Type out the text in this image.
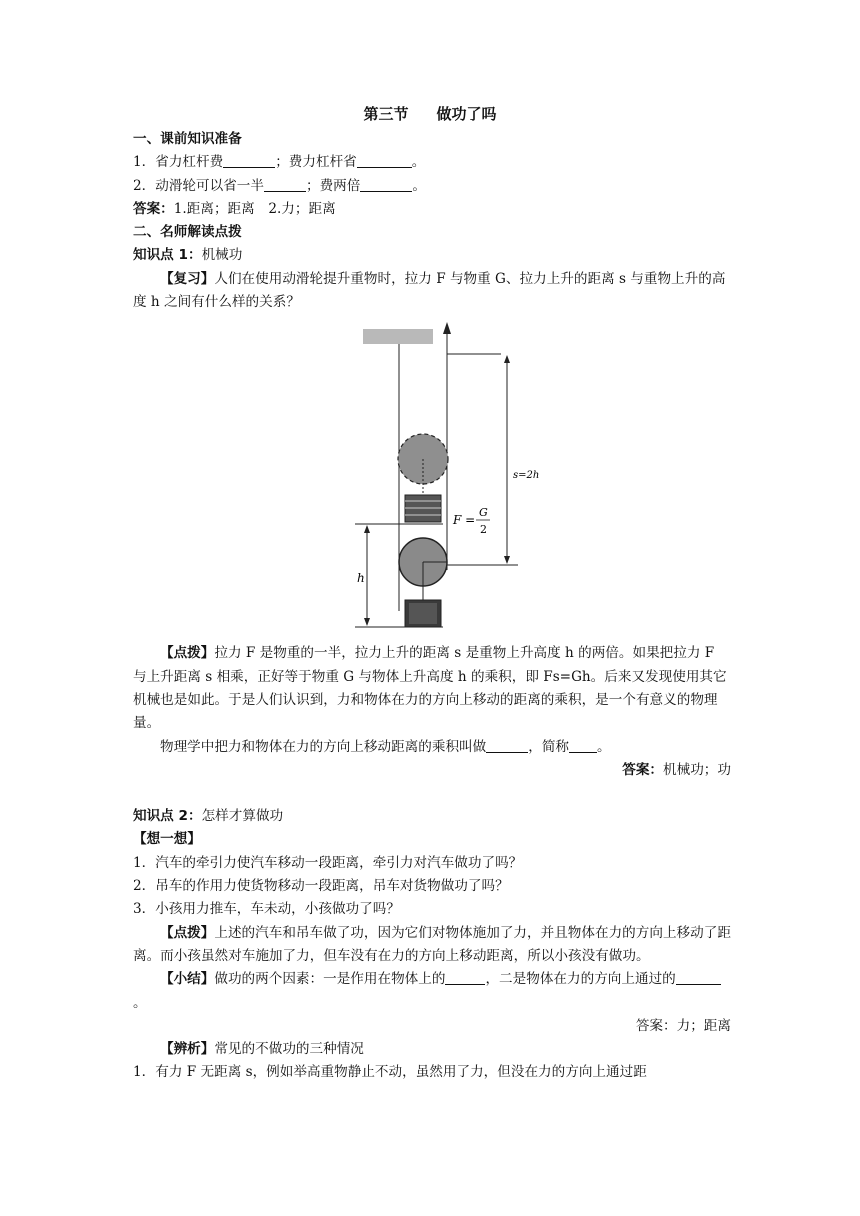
第三节 做功了吗

一、课前知识准备

1．省力杠杆费	；费力杠杆省	。

2．动滑轮可以省一半	；费两倍	。

答案：1.距离；距离　2.力；距离

二、名师解读点拨

知识点 1：机械功

【复习】人们在使用动滑轮提升重物时，拉力 F 与物重 G、拉力上升的距离 s 与重物上升的高度 h 之间有什么样的关系？

h
s=2h
F =
G
2

【点拨】拉力 F 是物重的一半，拉力上升的距离 s 是重物上升高度 h 的两倍。如果把拉力 F 与上升距离 s 相乘，正好等于物重 G 与物体上升高度 h 的乘积，即 Fs=Gh。后来又发现使用其它机械也是如此。于是人们认识到，力和物体在力的方向上移动的距离的乘积，是一个有意义的物理量。

物理学中把力和物体在力的方向上移动距离的乘积叫做	，简称 。

答案：机械功；功

知识点 2：怎样才算做功

【想一想】

1．汽车的牵引力使汽车移动一段距离，牵引力对汽车做功了吗？

2．吊车的作用力使货物移动一段距离，吊车对货物做功了吗？

3．小孩用力推车，车未动，小孩做功了吗？

【点拨】上述的汽车和吊车做了功，因为它们对物体施加了力，并且物体在力的方向上移动了距离。而小孩虽然对车施加了力，但车没有在力的方向上移动距离，所以小孩没有做功。

【小结】做功的两个因素：一是作用在物体上的	，二是物体在力的方向上通过的。

答案：力；距离

【辨析】常见的不做功的三种情况

1．有力 F 无距离 s，例如举高重物静止不动，虽然用了力，但没在力的方向上通过距
